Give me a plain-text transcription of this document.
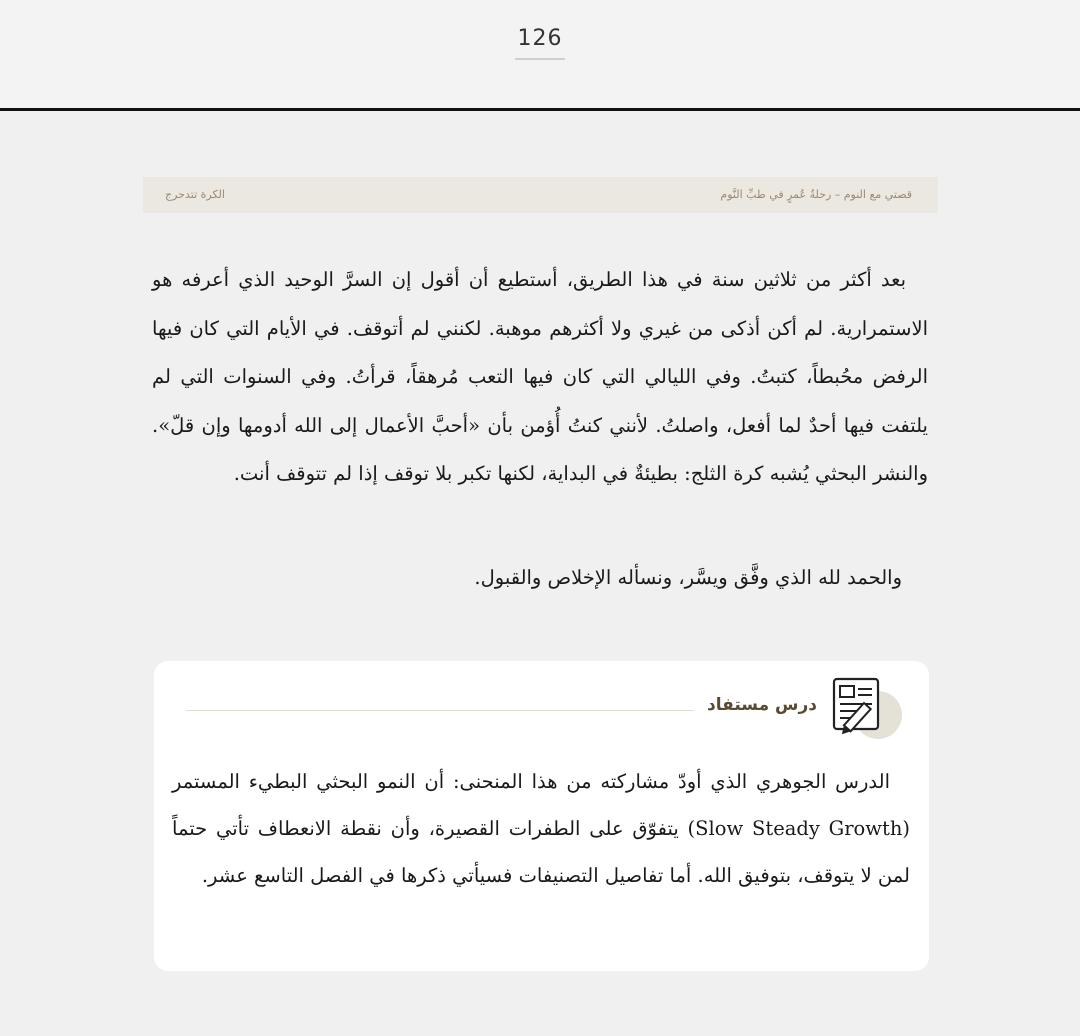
126
قصتي مع النوم – رحلةُ عُمرٍ في طبِّ النَّوم
الكرة تتدحرج

بعد أكثر من ثلاثين سنة في هذا الطريق، أستطيع أن أقول إن السرَّ الوحيد الذي أعرفه هو الاستمرارية. لم أكن أذكى من غيري ولا أكثرهم موهبة. لكنني لم أتوقف. في الأيام التي كان فيها الرفض محُبطاً، كتبتُ. وفي الليالي التي كان فيها التعب مُرهقاً، قرأتُ. وفي السنوات التي لم يلتفت فيها أحدٌ لما أفعل، واصلتُ. لأنني كنتُ أُؤمن بأن «أحبَّ الأعمال إلى الله أدومها وإن قلّ». والنشر البحثي يُشبه كرة الثلج: بطيئةٌ في البداية، لكنها تكبر بلا توقف إذا لم تتوقف أنت.

والحمد لله الذي وفَّق ويسَّر، ونسأله الإخلاص والقبول.

درس مستفاد

الدرس الجوهري الذي أودّ مشاركته من هذا المنحنى: أن النمو البحثي البطيء المستمر (Slow Steady Growth) يتفوّق على الطفرات القصيرة، وأن نقطة الانعطاف تأتي حتماً لمن لا يتوقف، بتوفيق الله. أما تفاصيل التصنيفات فسيأتي ذكرها في الفصل التاسع عشر.
